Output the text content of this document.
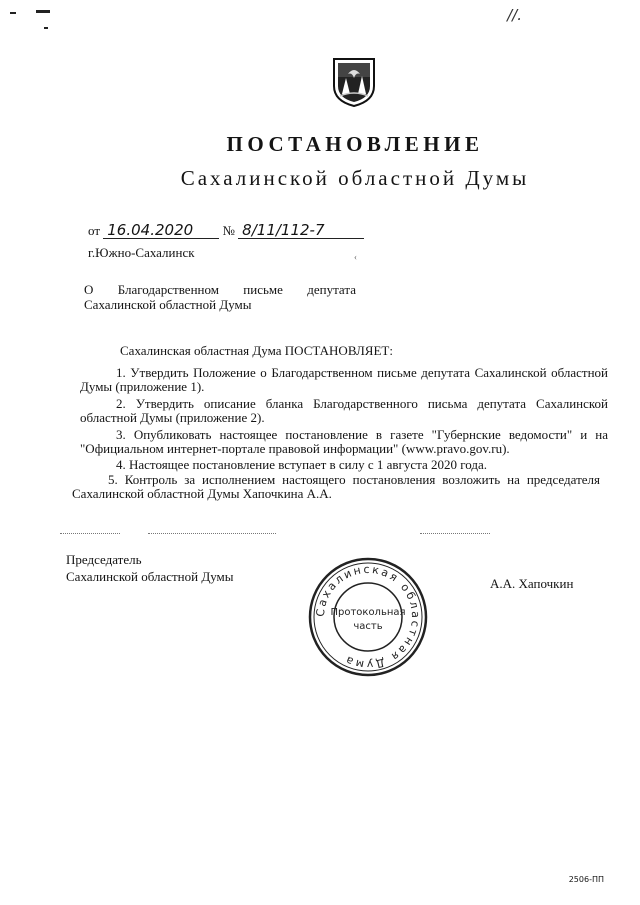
//.
ПОСТАНОВЛЕНИЕ
Сахалинской областной Думы
от 16.04.2020 № 8/11/112-7
‹
г.Южно-Сахалинск
О Благодарственном письме депутата
Сахалинской областной Думы
Сахалинская областная Дума ПОСТАНОВЛЯЕТ:
1. Утвердить Положение о Благодарственном письме депутата Сахалинской областной Думы (приложение 1).
2. Утвердить описание бланка Благодарственного письма депутата Сахалинской областной Думы (приложение 2).
3. Опубликовать настоящее постановление в газете "Губернские ведомости" и на "Официальном интернет-портале правовой информации" (www.pravo.gov.ru).
4. Настоящее постановление вступает в силу с 1 августа 2020 года.
5. Контроль за исполнением настоящего постановления возложить на председателя Сахалинской областной Думы Хапочкина А.А.
Председатель
Сахалинской областной Думы
Сахалинская областная Дума
Протокольная
часть
А.А. Хапочкин
2506-ПП
